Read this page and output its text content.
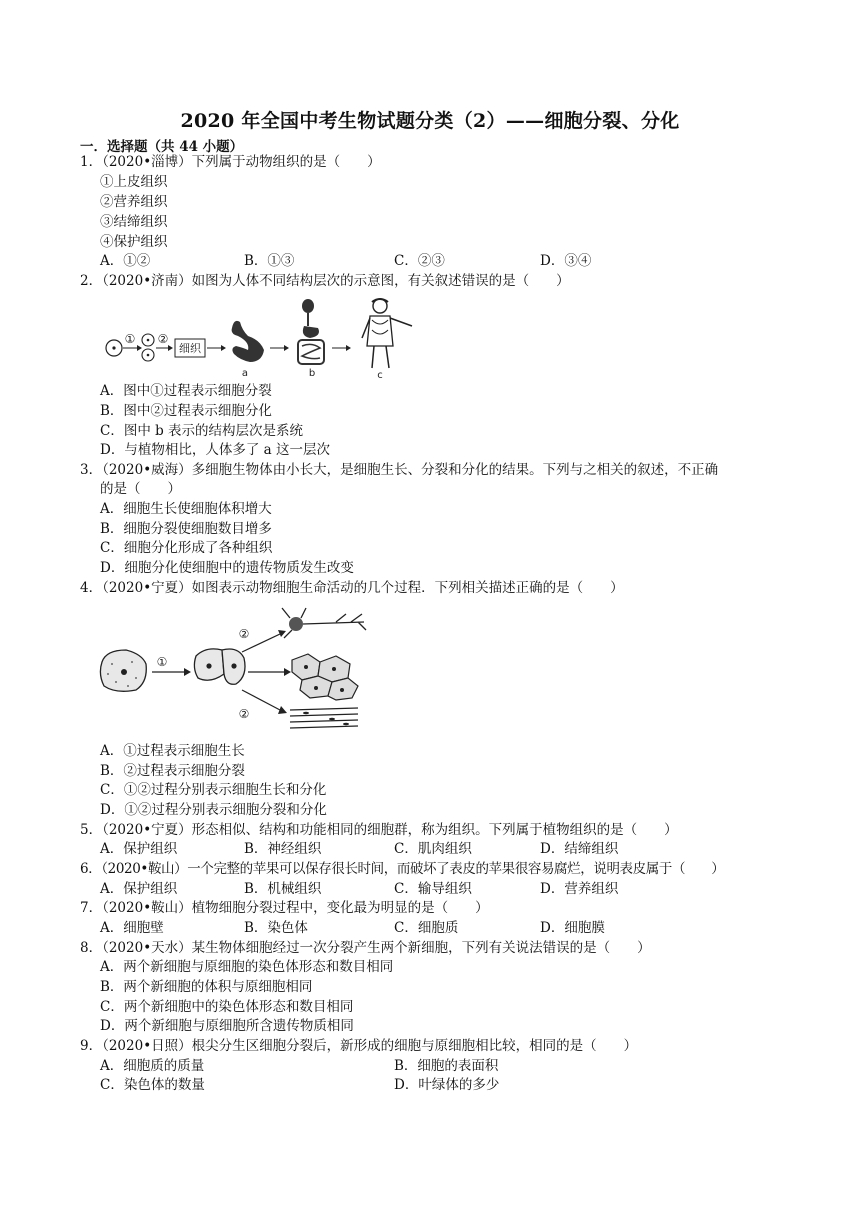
2020 年全国中考生物试题分类（2）——细胞分裂、分化
一．选择题（共 44 小题）
1．（2020•淄博）下列属于动物组织的是（　　）
①上皮组织
②营养组织
③结缔组织
④保护组织
A．①②	B．①③	C．②③	D．③④
2．（2020•济南）如图为人体不同结构层次的示意图，有关叙述错误的是（　　）
① ②
细织
a	b	c
A．图中①过程表示细胞分裂
B．图中②过程表示细胞分化
C．图中 b 表示的结构层次是系统
D．与植物相比，人体多了 a 这一层次
3．（2020•威海）多细胞生物体由小长大，是细胞生长、分裂和分化的结果。下列与之相关的叙述，不正确
的是（　　）
A．细胞生长使细胞体积增大
B．细胞分裂使细胞数目增多
C．细胞分化形成了各种组织
D．细胞分化使细胞中的遗传物质发生改变
4．（2020•宁夏）如图表示动物细胞生命活动的几个过程．下列相关描述正确的是（　　）
①
②
②
A．①过程表示细胞生长
B．②过程表示细胞分裂
C．①②过程分别表示细胞生长和分化
D．①②过程分别表示细胞分裂和分化
5．（2020•宁夏）形态相似、结构和功能相同的细胞群，称为组织。下列属于植物组织的是（　　）
A．保护组织	B．神经组织	C．肌肉组织	D．结缔组织
6．（2020•鞍山）一个完整的苹果可以保存很长时间，而破坏了表皮的苹果很容易腐烂，说明表皮属于（　　）
A．保护组织	B．机械组织	C．输导组织	D．营养组织
7．（2020•鞍山）植物细胞分裂过程中，变化最为明显的是（　　）
A．细胞壁	B．染色体	C．细胞质	D．细胞膜
8．（2020•天水）某生物体细胞经过一次分裂产生两个新细胞，下列有关说法错误的是（　　）
A．两个新细胞与原细胞的染色体形态和数目相同
B．两个新细胞的体积与原细胞相同
C．两个新细胞中的染色体形态和数目相同
D．两个新细胞与原细胞所含遗传物质相同
9．（2020•日照）根尖分生区细胞分裂后，新形成的细胞与原细胞相比较，相同的是（　　）
A．细胞质的质量	B．细胞的表面积
C．染色体的数量	D．叶绿体的多少
